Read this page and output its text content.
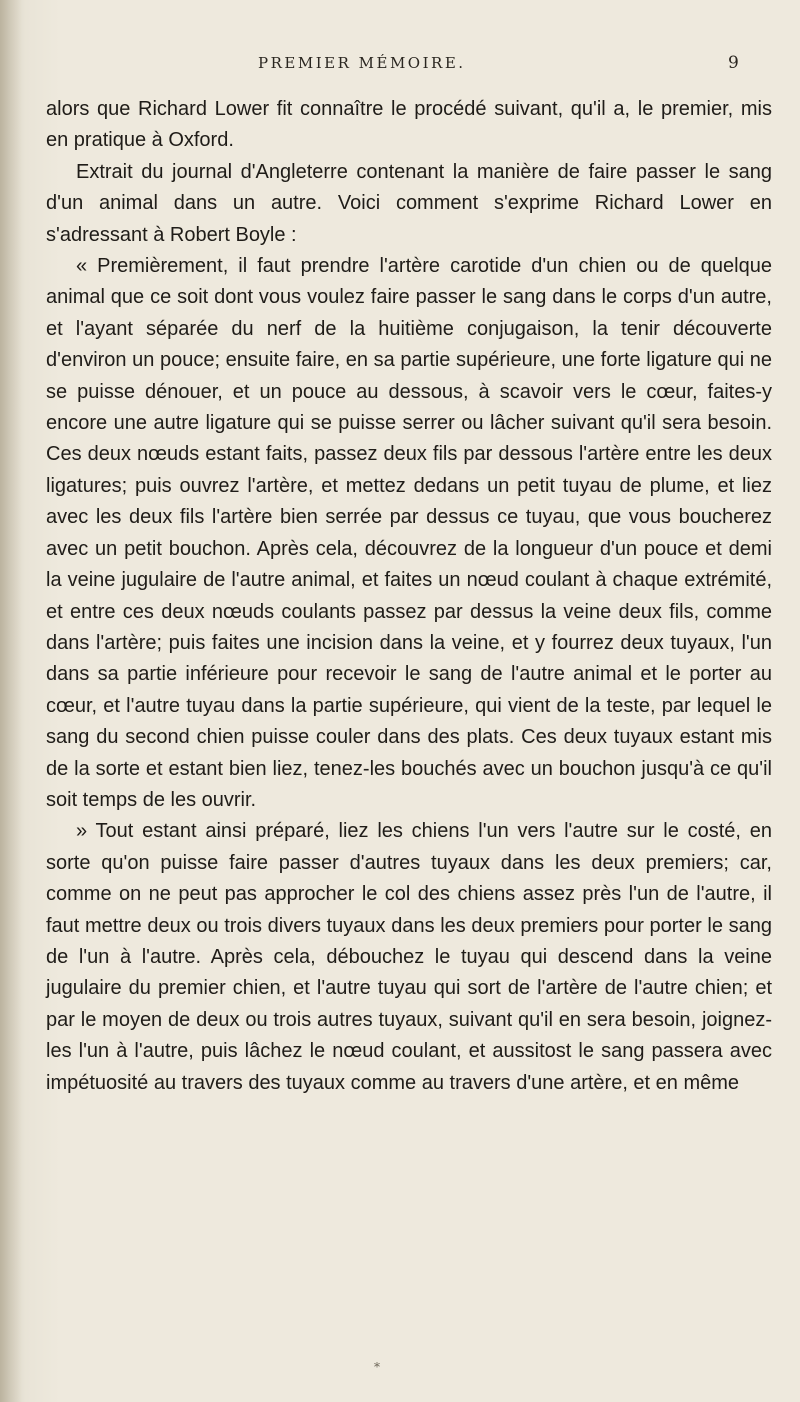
PREMIER MÉMOIRE.	9

alors que Richard Lower fit connaître le procédé suivant, qu'il a, le premier, mis en pratique à Oxford.

Extrait du journal d'Angleterre contenant la manière de faire passer le sang d'un animal dans un autre. Voici comment s'exprime Richard Lower en s'adressant à Robert Boyle :

« Premièrement, il faut prendre l'artère carotide d'un chien ou de quelque animal que ce soit dont vous voulez faire passer le sang dans le corps d'un autre, et l'ayant séparée du nerf de la huitième conjugaison, la tenir découverte d'environ un pouce; ensuite faire, en sa partie supérieure, une forte ligature qui ne se puisse dénouer, et un pouce au dessous, à scavoir vers le cœur, faites-y encore une autre ligature qui se puisse serrer ou lâcher suivant qu'il sera besoin. Ces deux nœuds estant faits, passez deux fils par dessous l'artère entre les deux ligatures; puis ouvrez l'artère, et mettez dedans un petit tuyau de plume, et liez avec les deux fils l'artère bien serrée par dessus ce tuyau, que vous boucherez avec un petit bouchon. Après cela, découvrez de la longueur d'un pouce et demi la veine jugulaire de l'autre animal, et faites un nœud coulant à chaque extrémité, et entre ces deux nœuds coulants passez par dessus la veine deux fils, comme dans l'artère; puis faites une incision dans la veine, et y fourrez deux tuyaux, l'un dans sa partie inférieure pour recevoir le sang de l'autre animal et le porter au cœur, et l'autre tuyau dans la partie supérieure, qui vient de la teste, par lequel le sang du second chien puisse couler dans des plats. Ces deux tuyaux estant mis de la sorte et estant bien liez, tenez-les bouchés avec un bouchon jusqu'à ce qu'il soit temps de les ouvrir.

» Tout estant ainsi préparé, liez les chiens l'un vers l'autre sur le costé, en sorte qu'on puisse faire passer d'autres tuyaux dans les deux premiers; car, comme on ne peut pas approcher le col des chiens assez près l'un de l'autre, il faut mettre deux ou trois divers tuyaux dans les deux premiers pour porter le sang de l'un à l'autre. Après cela, débouchez le tuyau qui descend dans la veine jugulaire du premier chien, et l'autre tuyau qui sort de l'artère de l'autre chien; et par le moyen de deux ou trois autres tuyaux, suivant qu'il en sera besoin, joignez-les l'un à l'autre, puis lâchez le nœud coulant, et aussitost le sang passera avec impétuosité au travers des tuyaux comme au travers d'une artère, et en même

*
